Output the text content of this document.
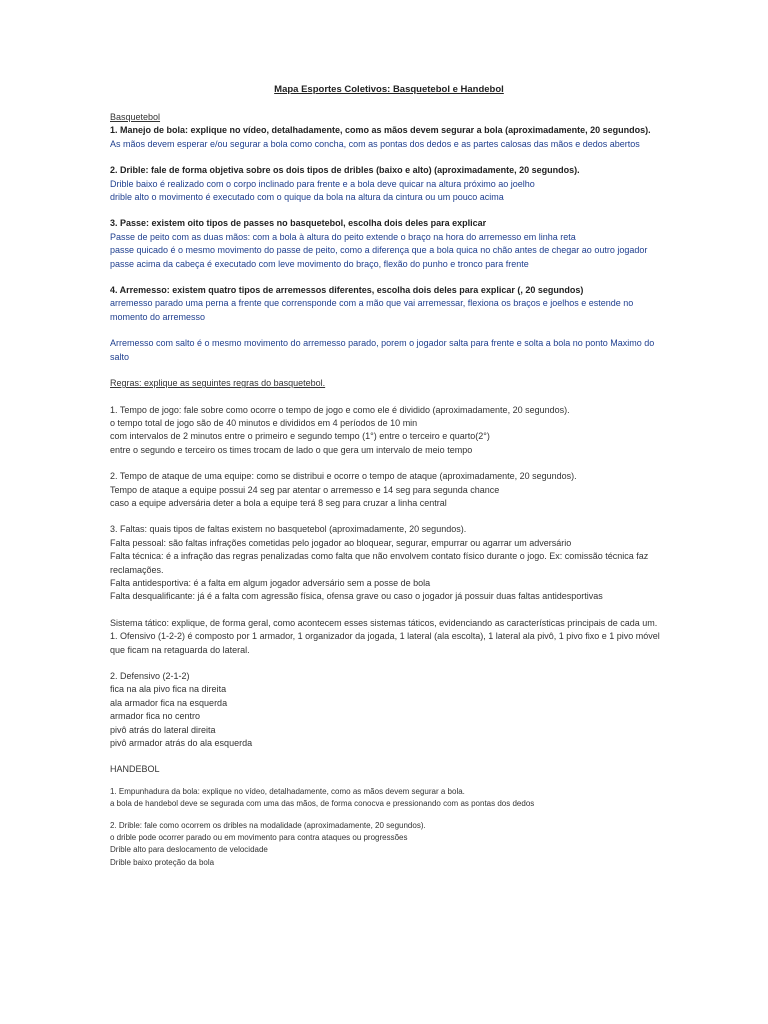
Mapa Esportes Coletivos: Basquetebol e Handebol

Basquetebol

1. Manejo de bola: explique no vídeo, detalhadamente, como as mãos devem segurar a bola (aproximadamente, 20 segundos).

As mãos devem esperar e/ou segurar a bola como concha, com as pontas dos dedos e as partes calosas das mãos e dedos abertos

2. Drible: fale de forma objetiva sobre os dois tipos de dribles (baixo e alto) (aproximadamente, 20 segundos).

Drible baixo é realizado com o corpo inclinado para frente e a bola deve quicar na altura próximo ao joelho

drible alto o movimento é executado com o quique da bola na altura da cintura ou um pouco acima

3. Passe: existem oito tipos de passes no basquetebol, escolha dois deles para explicar

Passe de peito com as duas mãos: com a bola à altura do peito extende o braço na hora do arremesso em linha reta

passe quicado é o mesmo movimento do passe de peito, como a diferença que a bola quica no chão antes de chegar ao outro jogador

passe acima da cabeça é executado com leve movimento do braço, flexão do punho e tronco para frente

4. Arremesso: existem quatro tipos de arremessos diferentes, escolha dois deles para explicar (, 20 segundos)

arremesso parado uma perna a frente que corrensponde com a mão que vai arremessar, flexiona os braços e joelhos e estende no momento do arremesso

Arremesso com salto é o mesmo movimento do arremesso parado, porem o jogador salta para frente e solta a bola no ponto Maximo do salto

Regras: explique as seguintes regras do basquetebol.

1. Tempo de jogo: fale sobre como ocorre o tempo de jogo e como ele é dividido (aproximadamente, 20 segundos).

o tempo total de jogo são de 40 minutos e divididos em 4 períodos de 10 min

com intervalos de 2 minutos entre o primeiro e segundo tempo (1°) entre o terceiro e quarto(2°)

entre o segundo e terceiro os times trocam de lado o que gera um intervalo de meio tempo

2. Tempo de ataque de uma equipe: como se distribui e ocorre o tempo de ataque (aproximadamente, 20 segundos).

Tempo de ataque a equipe possui 24 seg par atentar o arremesso e 14 seg para segunda chance

caso a equipe adversária deter a bola a equipe terá 8 seg para cruzar a linha central

3. Faltas: quais tipos de faltas existem no basquetebol (aproximadamente, 20 segundos).

Falta pessoal: são faltas infrações cometidas pelo jogador ao bloquear, segurar, empurrar ou agarrar um adversário

Falta técnica: é a infração das regras penalizadas como falta que não envolvem contato físico durante o jogo. Ex: comissão técnica faz reclamações.

Falta antidesportiva: é a falta em algum jogador adversário sem a posse de bola

Falta desqualificante: já é a falta com agressão física, ofensa grave ou caso o jogador já possuir duas faltas antidesportivas

Sistema tático: explique, de forma geral, como acontecem esses sistemas táticos, evidenciando as características principais de cada um.

1. Ofensivo (1-2-2) é composto por 1 armador, 1 organizador da jogada, 1 lateral (ala escolta), 1 lateral ala pivô, 1 pivo fixo e 1 pivo móvel que ficam na retaguarda do lateral.

2. Defensivo (2-1-2)

fica na ala pivo fica na direita

ala armador fica na esquerda

armador fica no centro

pivô atrás do lateral direita

pivô armador atrás do ala esquerda

HANDEBOL

1. Empunhadura da bola: explique no vídeo, detalhadamente, como as mãos devem segurar a bola.

a bola de handebol deve se segurada com uma das mãos, de forma conocva e pressionando com as pontas dos dedos

2. Drible: fale como ocorrem os dribles na modalidade (aproximadamente, 20 segundos).

o drible pode ocorrer parado ou em movimento para contra ataques ou progressões

Drible alto para deslocamento de velocidade

Drible baixo proteção da bola
